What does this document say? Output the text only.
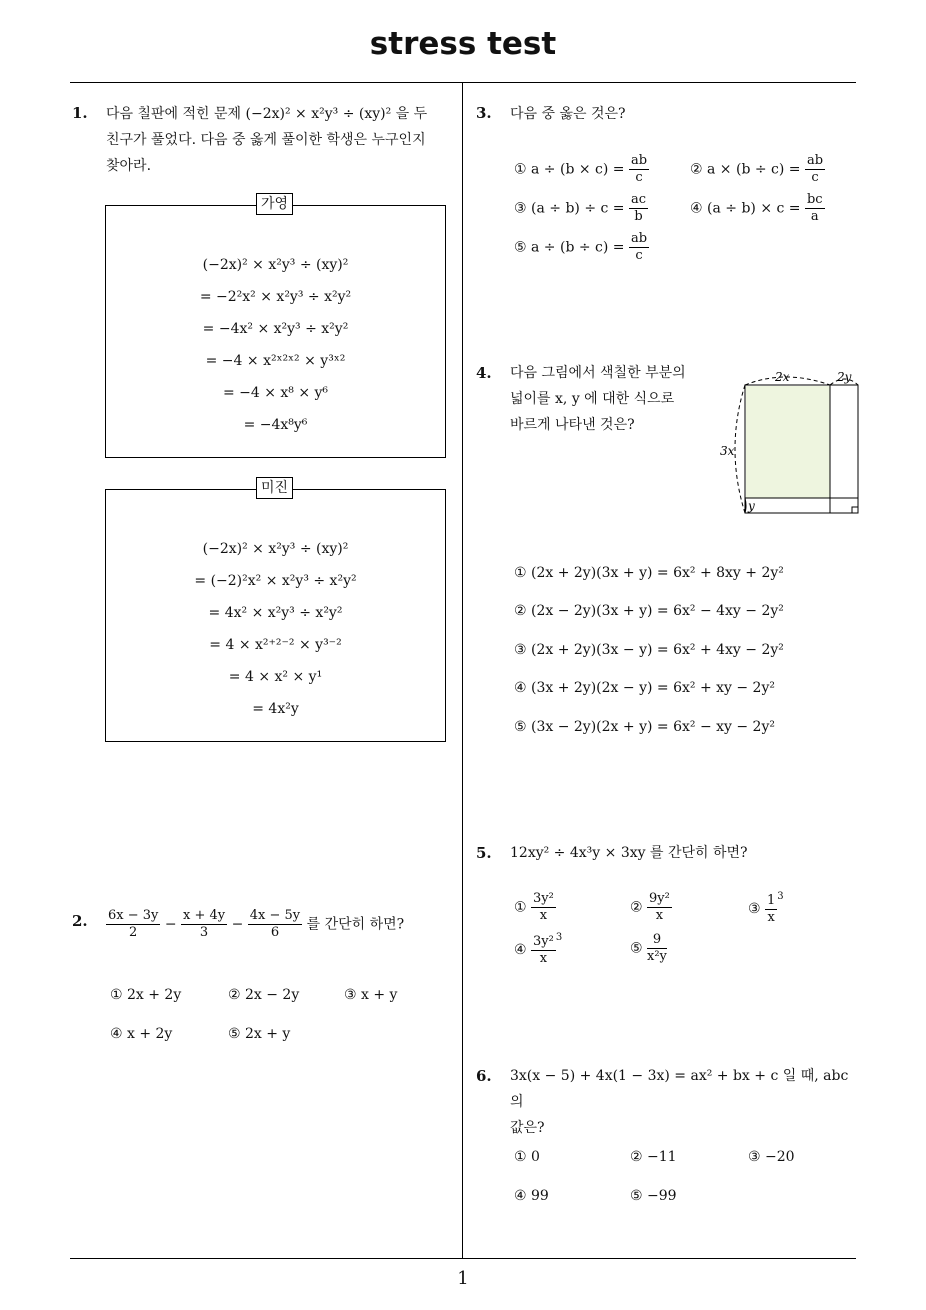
stress test
1
1. 다음 칠판에 적힌 문제 (−2x)² × x²y³ ÷ (xy)² 을 두
친구가 풀었다. 다음 중 옳게 풀이한 학생은 누구인지
찾아라.
(−2x)² × x²y³ ÷ (xy)²
= −2²x² × x²y³ ÷ x²y²
= −4x² × x²y³ ÷ x²y²
= −4 × x²ˣ²ˣ² × y³ˣ²
= −4 × x⁸ × y⁶
= −4x⁸y⁶
가영
(−2x)² × x²y³ ÷ (xy)²
= (−2)²x² × x²y³ ÷ x²y²
= 4x² × x²y³ ÷ x²y²
= 4 × x²⁺²⁻² × y³⁻²
= 4 × x² × y¹
= 4x²y
미진
2. $\frac{6x - 3y}{2} - \frac{x + 4y}{3} - \frac{4x - 5y}{6}$ 를 간단히 하면?
① 2x + 2y	② 2x − 2y	③ x + y
④ x + 2y	⑤ 2x + y
3. 다음 중 옳은 것은?
① $a \div (b \times c) = \frac{ab}{c}$	② $a \times (b \div c) = \frac{ab}{c}$
③ $(a \div b) \div c = \frac{ac}{b}$	④ $(a \div b) \times c = \frac{bc}{a}$
⑤ $a \div (b \div c) = \frac{ab}{c}$
4. 다음 그림에서 색칠한 부분의
넓이를 x, y 에 대한 식으로
바르게 나타낸 것은?
2x	2y
3x
y
① (2x + 2y)(3x + y) = 6x² + 8xy + 2y²
② (2x − 2y)(3x + y) = 6x² − 4xy − 2y²
③ (2x + 2y)(3x − y) = 6x² + 4xy − 2y²
④ (3x + 2y)(2x − y) = 6x² + xy − 2y²
⑤ (3x − 2y)(2x + y) = 6x² − xy − 2y²
5. 12xy² ÷ 4x³y × 3xy 를 간단히 하면?
① $\frac{\text{3y²}}{x}$	② $\frac{\text{9y²}}{x}$	③ $\frac{1}{x} ^3$
④ $\frac{\text{3y²}}{x} ^3$
⑤ $\frac{9}{\text{x²y}}$
6. 3x(x − 5) + 4x(1 − 3x) = ax² + bx + c 일 때, abc 의
값은?
① 0	② −11	③ −20
④ 99	⑤ −99
